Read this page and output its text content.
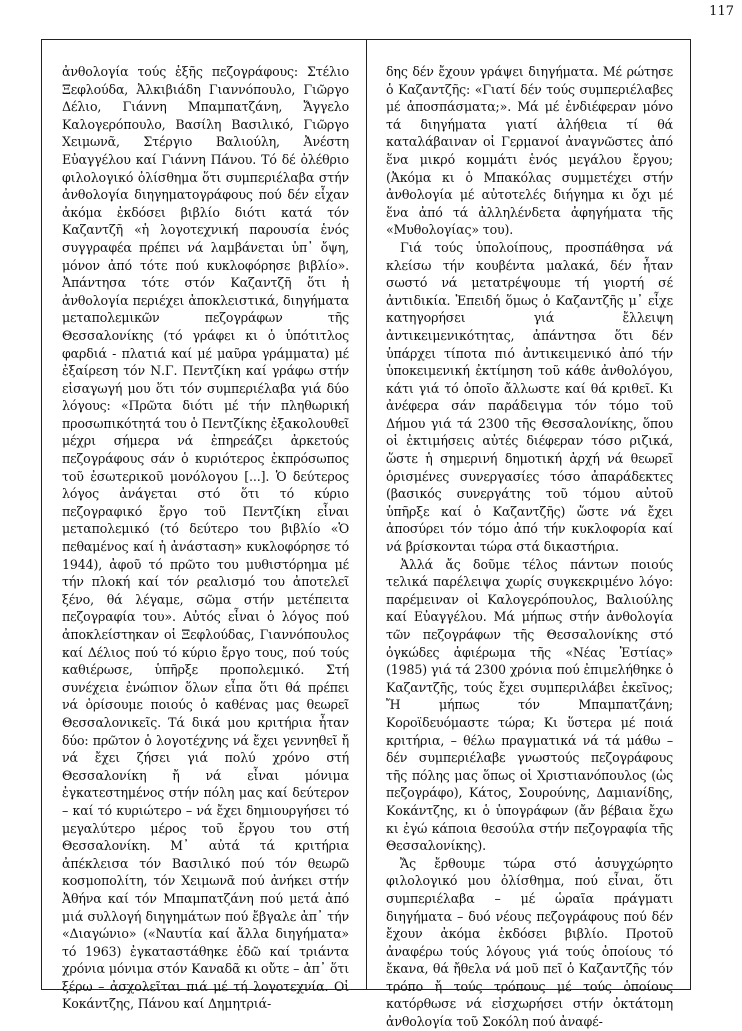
117

ἀνθολογία τούς ἑξῆς πεζογράφους: Στέλιο Ξεφλούδα, Ἀλκιβιάδη Γιαννόπουλο, Γιῶργο Δέλιο, Γιάννη Μπαμπατζάνη, Ἄγγελο Καλογερόπουλο, Βασίλη Βασιλικό, Γιῶργο Χειμωνᾶ, Στέργιο Βαλιούλη, Ἀνέστη Εὐαγγέλου καί Γιάννη Πάνου. Τό δέ ὀλέθριο φιλολογικό ὀλίσθημα ὅτι συμπεριέλαβα στήν ἀνθολογία διηγηματογράφους πού δέν εἶχαν ἀκόμα ἐκδόσει βιβλίο διότι κατά τόν Καζαντζῆ «ἡ λογοτεχνική παρουσία ἑνός συγγραφέα πρέπει νά λαμβάνεται ὑπ᾽ ὄψη, μόνον ἀπό τότε πού κυκλοφόρησε βιβλίο». Ἀπάντησα τότε στόν Καζαντζῆ ὅτι ἡ ἀνθολογία περιέχει ἀποκλειστικά, διηγήματα μεταπολεμικῶν πεζογράφων τῆς Θεσσαλονίκης (τό γράφει κι ὁ ὑπότιτλος φαρδιά - πλατιά καί μέ μαῦρα γράμματα) μέ ἐξαίρεση τόν Ν.Γ. Πεντζίκη καί γράφω στήν εἰσαγωγή μου ὅτι τόν συμπεριέλαβα γιά δύο λόγους: «Πρῶτα διότι μέ τήν πληθωρική προσωπικότητά του ὁ Πεντζίκης ἐξακολουθεῖ μέχρι σήμερα νά ἐπηρεάζει ἀρκετούς πεζογράφους σάν ὁ κυριότερος ἐκπρόσωπος τοῦ ἐσωτερικοῦ μονόλογου [...]. Ὁ δεύτερος λόγος ἀνάγεται στό ὅτι τό κύριο πεζογραφικό ἔργο τοῦ Πεντζίκη εἶναι μεταπολεμικό (τό δεύτερο του βιβλίο «Ὁ πεθαμένος καί ἡ ἀνάσταση» κυκλοφόρησε τό 1944), ἀφοῦ τό πρῶτο του μυθιστόρημα μέ τήν πλοκή καί τόν ρεαλισμό του ἀποτελεῖ ξένο, θά λέγαμε, σῶμα στήν μετέπειτα πεζογραφία του». Αὐτός εἶναι ὁ λόγος πού ἀποκλείστηκαν οἱ Ξεφλούδας, Γιαννόπουλος καί Δέλιος πού τό κύριο ἔργο τους, πού τούς καθιέρωσε, ὑπῆρξε προπολεμικό. Στή συνέχεια ἐνώπιον ὅλων εἶπα ὅτι θά πρέπει νά ὁρίσουμε ποιούς ὁ καθένας μας θεωρεῖ Θεσσαλονικεῖς. Τά δικά μου κριτήρια ἦταν δύο: πρῶτον ὁ λογοτέχνης νά ἔχει γεννηθεῖ ἤ νά ἔχει ζήσει γιά πολύ χρόνο στή Θεσσαλονίκη ἤ νά εἶναι μόνιμα ἐγκατεστημένος στήν πόλη μας καί δεύτερον – καί τό κυριώτερο – νά ἔχει δημιουργήσει τό μεγαλύτερο μέρος τοῦ ἔργου του στή Θεσσαλονίκη. Μ᾽ αὐτά τά κριτήρια ἀπέκλεισα τόν Βασιλικό πού τόν θεωρῶ κοσμοπολίτη, τόν Χειμωνᾶ πού ἀνήκει στήν Ἀθήνα καί τόν Μπαμπατζάνη πού μετά ἀπό μιά συλλογή διηγημάτων πού ἔβγαλε ἀπ᾽ τήν «Διαγώνιο» («Ναυτία καί ἄλλα διηγήματα» τό 1963) ἐγκαταστάθηκε ἐδῶ καί τριάντα χρόνια μόνιμα στόν Καναδᾶ κι οὔτε – ἀπ᾽ ὅτι ξέρω – ἀσχολεῖται πιά μέ τή λογοτεχνία. Οἱ Κοκάντζης, Πάνου καί Δημητριά-

δης δέν ἔχουν γράψει διηγήματα. Μέ ρώτησε ὁ Καζαντζῆς: «Γιατί δέν τούς συμπεριέλαβες μέ ἀποσπάσματα;». Μά μέ ἐνδιέφεραν μόνο τά διηγήματα γιατί ἀλήθεια τί θά καταλάβαιναν οἱ Γερμανοί ἀναγνῶστες ἀπό ἕνα μικρό κομμάτι ἑνός μεγάλου ἔργου; (Ἀκόμα κι ὁ Μπακόλας συμμετέχει στήν ἀνθολογία μέ αὐτοτελές διήγημα κι ὄχι μέ ἕνα ἀπό τά ἀλληλένδετα ἀφηγήματα τῆς «Μυθολογίας» του).

Γιά τούς ὑπολοίπους, προσπάθησα νά κλείσω τήν κουβέντα μαλακά, δέν ἦταν σωστό νά μετατρέψουμε τή γιορτή σέ ἀντιδικία. Ἐπειδή ὅμως ὁ Καζαντζῆς μ᾽ εἶχε κατηγορήσει γιά ἔλλειψη ἀντικειμενικότητας, ἀπάντησα ὅτι δέν ὑπάρχει τίποτα πιό ἀντικειμενικό ἀπό τήν ὑποκειμενική ἐκτίμηση τοῦ κάθε ἀνθολόγου, κάτι γιά τό ὁποῖο ἄλλωστε καί θά κριθεῖ. Κι ἀνέφερα σάν παράδειγμα τόν τόμο τοῦ Δήμου γιά τά 2300 τῆς Θεσσαλονίκης, ὅπου οἱ ἐκτιμήσεις αὐτές διέφεραν τόσο ριζικά, ὥστε ἡ σημερινή δημοτική ἀρχή νά θεωρεῖ ὁρισμένες συνεργασίες τόσο ἀπαράδεκτες (βασικός συνεργάτης τοῦ τόμου αὐτοῦ ὑπῆρξε καί ὁ Καζαντζῆς) ὥστε νά ἔχει ἀποσύρει τόν τόμο ἀπό τήν κυκλοφορία καί νά βρίσκονται τώρα στά δικαστήρια.

Ἀλλά ἄς δοῦμε τέλος πάντων ποιούς τελικά παρέλειψα χωρίς συγκεκριμένο λόγο: παρέμειναν οἱ Καλογερόπουλος, Βαλιούλης καί Εὐαγγέλου. Μά μήπως στήν ἀνθολογία τῶν πεζογράφων τῆς Θεσσαλονίκης στό ὀγκώδες ἀφιέρωμα τῆς «Νέας Ἑστίας» (1985) γιά τά 2300 χρόνια πού ἐπιμελήθηκε ὁ Καζαντζῆς, τούς ἔχει συμπεριλάβει ἐκεῖνος; Ἤ μήπως τόν Μπαμπατζάνη; Κοροϊδευόμαστε τώρα; Κι ὕστερα μέ ποιά κριτήρια, – θέλω πραγματικά νά τά μάθω – δέν συμπεριέλαβε γνωστούς πεζογράφους τῆς πόλης μας ὅπως οἱ Χριστιανόπουλος (ὡς πεζογράφο), Κάτος, Σουρούνης, Δαμιανίδης, Κοκάντζης, κι ὁ ὑπογράφων (ἄν βέβαια ἔχω κι ἐγώ κάποια θεσούλα στήν πεζογραφία τῆς Θεσσαλονίκης).

Ἄς ἔρθουμε τώρα στό ἀσυγχώρητο φιλολογικό μου ὀλίσθημα, πού εἶναι, ὅτι συμπεριέλαβα – μέ ὡραῖα πράγματι διηγήματα – δυό νέους πεζογράφους πού δέν ἔχουν ἀκόμα ἐκδόσει βιβλίο. Προτοῦ ἀναφέρω τούς λόγους γιά τούς ὁποίους τό ἔκανα, θά ἤθελα νά μοῦ πεῖ ὁ Καζαντζῆς τόν τρόπο ἤ τούς τρόπους μέ τούς ὁποίους κατόρθωσε νά εἰσχωρήσει στήν ὀκτάτομη ἀνθολογία τοῦ Σοκόλη πού ἀναφέ-
